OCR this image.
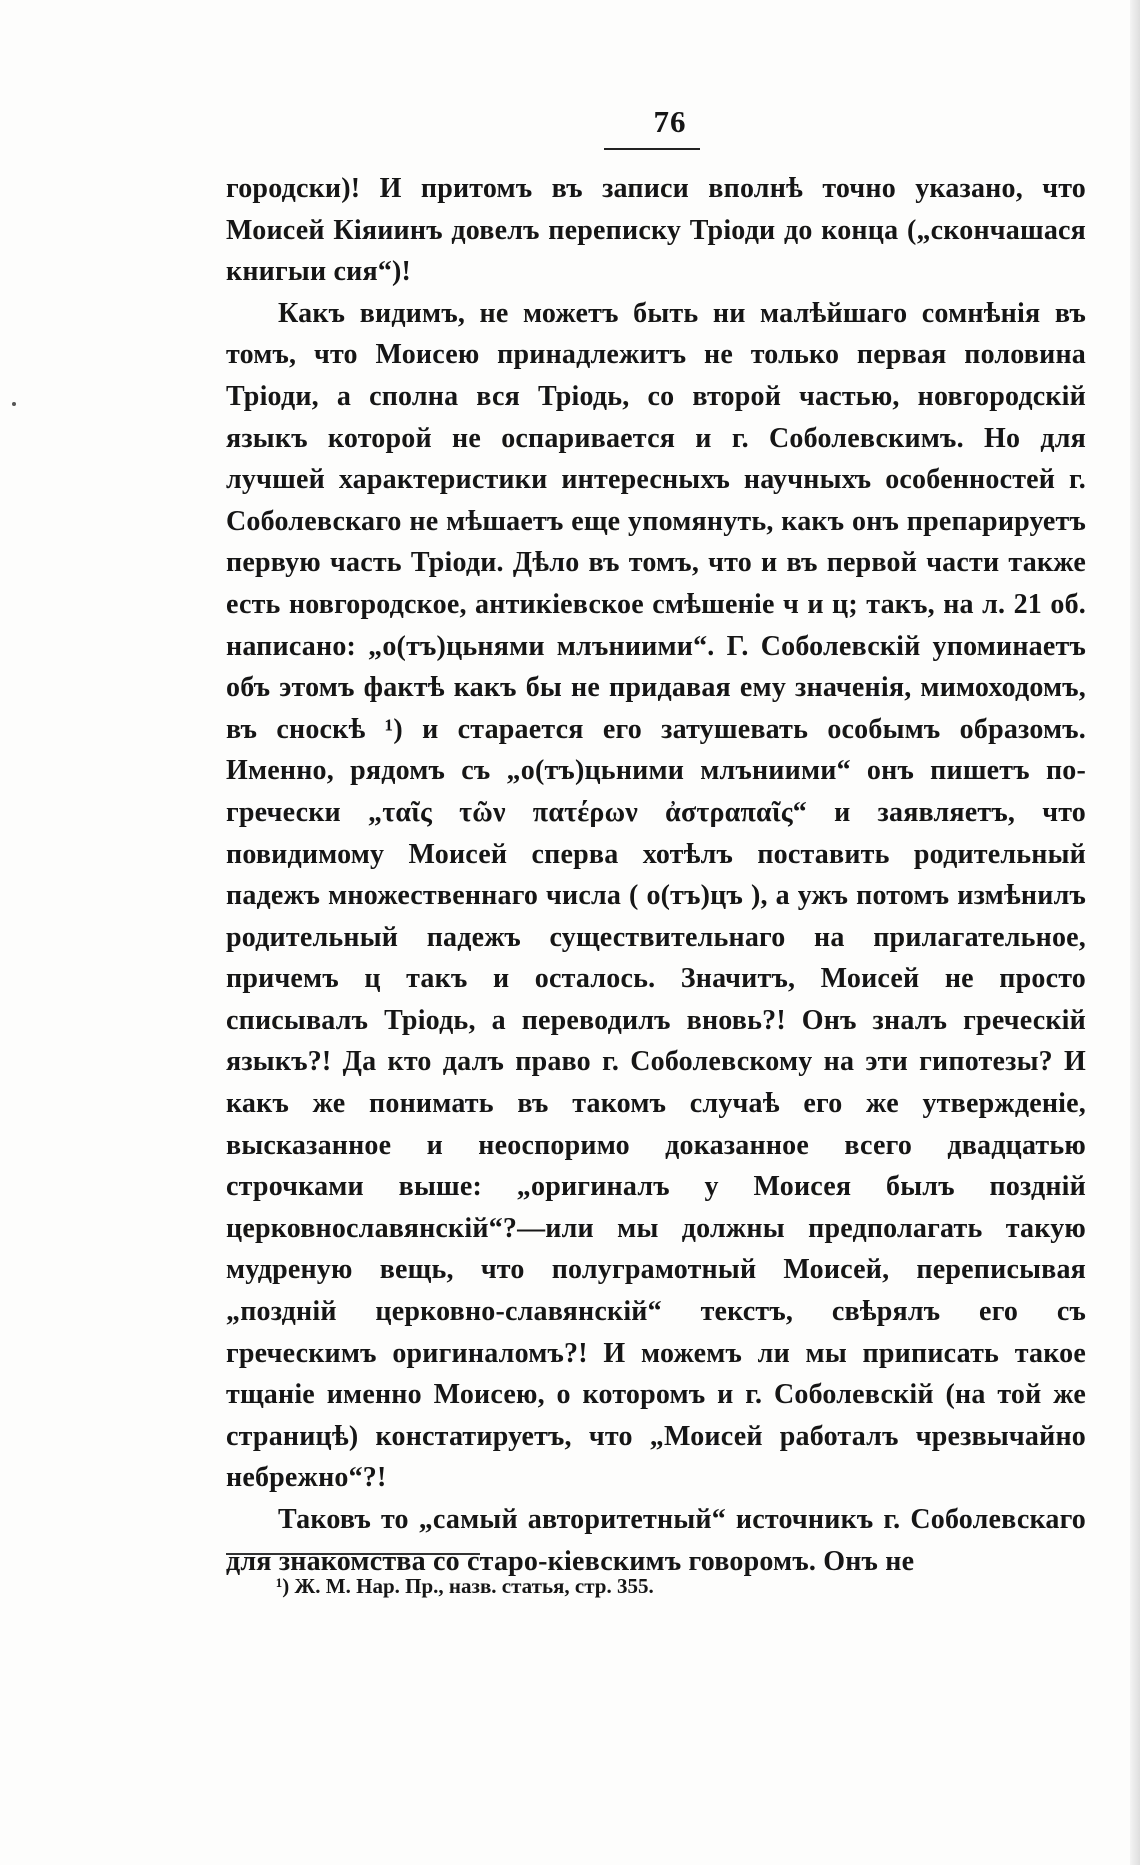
76

городски)! И притомъ въ записи вполнѣ точно указано, что Моисей Кіяиинъ довелъ переписку Тріоди до конца („скончашася книгыи сия“)!

Какъ видимъ, не можетъ быть ни малѣйшаго сомнѣнія въ томъ, что Моисею принадлежитъ не только первая половина Тріоди, а сполна вся Тріодь, со второй частью, новгородскій языкъ которой не оспаривается и г. Соболевскимъ. Но для лучшей характеристики интересныхъ научныхъ особенностей г. Соболевскаго не мѣшаетъ еще упомянуть, какъ онъ препарируетъ первую часть Тріоди. Дѣло въ томъ, что и въ первой части также есть новгородское, антикіевское смѣшеніе ч и ц; такъ, на л. 21 об. написано: „о(тъ)цьнями млъниими“. Г. Соболевскій упоминаетъ объ этомъ фактѣ какъ бы не придавая ему значенія, мимоходомъ, въ сноскѣ ¹) и старается его затушевать особымъ образомъ. Именно, рядомъ съ „о(тъ)цьними млъниими“ онъ пишетъ по-гречески „ταῖς τῶν πατέρων ἀστραπαῖς“ и заявляетъ, что повидимому Моисей сперва хотѣлъ поставить родительный падежъ множественнаго числа ( о(тъ)цъ ), а ужъ потомъ измѣнилъ родительный падежъ существительнаго на прилагательное, причемъ ц такъ и осталось. Значитъ, Моисей не просто списывалъ Тріодь, а переводилъ вновь?! Онъ зналъ греческій языкъ?! Да кто далъ право г. Соболевскому на эти гипотезы? И какъ же понимать въ такомъ случаѣ его же утвержденіе, высказанное и неоспоримо доказанное всего двадцатью строчками выше: „оригиналъ у Моисея былъ поздній церковнославянскій“?—или мы должны предполагать такую мудреную вещь, что полуграмотный Моисей, переписывая „поздній церковно-славянскій“ текстъ, свѣрялъ его съ греческимъ оригиналомъ?! И можемъ ли мы приписать такое тщаніе именно Моисею, о которомъ и г. Соболевскій (на той же страницѣ) констатируетъ, что „Моисей работалъ чрезвычайно небрежно“?!

Таковъ то „самый авторитетный“ источникъ г. Соболевскаго для знакомства со старо-кіевскимъ говоромъ. Онъ не

¹) Ж. М. Нар. Пр., назв. статья, стр. 355.
